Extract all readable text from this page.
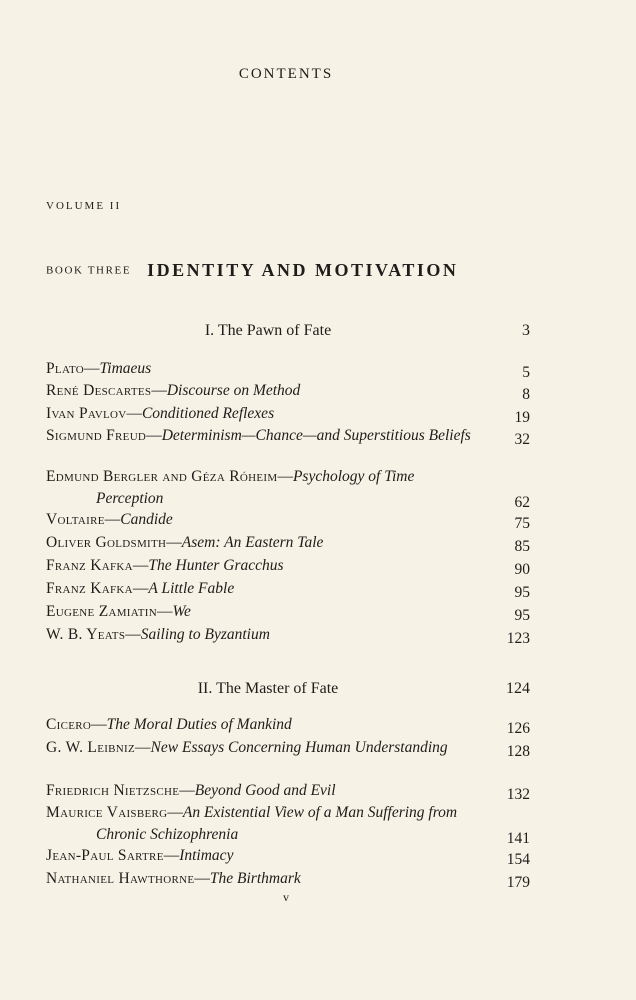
CONTENTS
VOLUME II
BOOK THREE IDENTITY AND MOTIVATION
I. The Pawn of Fate	3
Plato—Timaeus	5
René Descartes—Discourse on Method	8
Ivan Pavlov—Conditioned Reflexes	19
Sigmund Freud—Determinism—Chance—and Superstitious Beliefs	32
Edmund Bergler and Géza Róheim—Psychology of Time Perception	62
Voltaire—Candide	75
Oliver Goldsmith—Asem: An Eastern Tale	85
Franz Kafka—The Hunter Gracchus	90
Franz Kafka—A Little Fable	95
Eugene Zamiatin—We	95
W. B. Yeats—Sailing to Byzantium	123
II. The Master of Fate	124
Cicero—The Moral Duties of Mankind	126
G. W. Leibniz—New Essays Concerning Human Understanding	128
Friedrich Nietzsche—Beyond Good and Evil	132
Maurice Vaisberg—An Existential View of a Man Suffering from Chronic Schizophrenia	141
Jean-Paul Sartre—Intimacy	154
Nathaniel Hawthorne—The Birthmark	179
v
